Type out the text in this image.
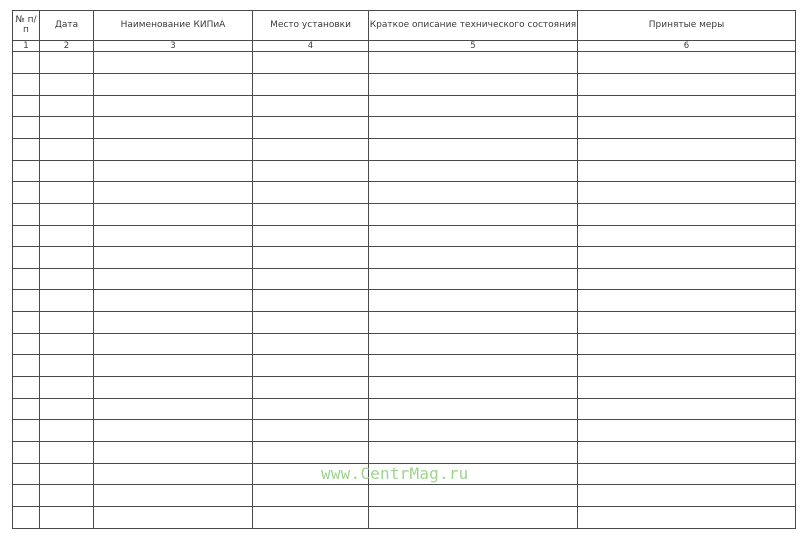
№ п/п	Дата	Наименование КИПиА	Место установки	Краткое описание технического состояния	Принятые меры
1	2	3	4	5	6

www.CentrMag.ru
